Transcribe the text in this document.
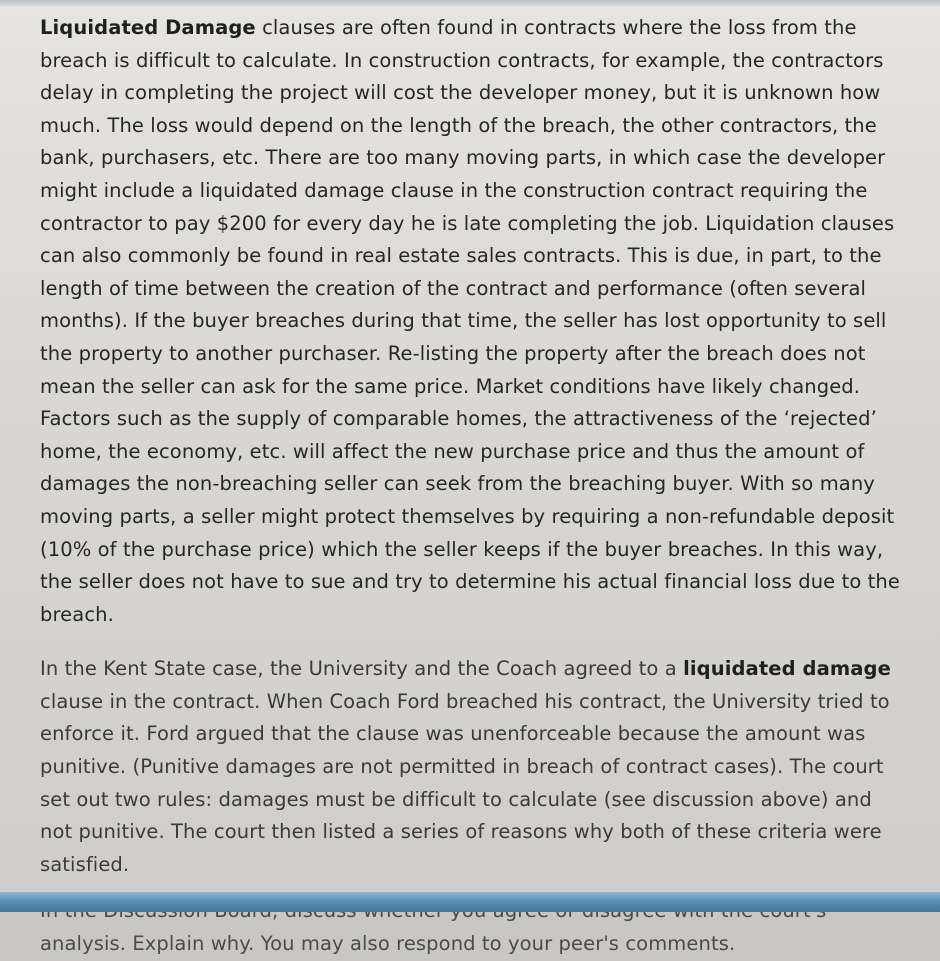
Liquidated Damage clauses are often found in contracts where the loss from the breach is difficult to calculate. In construction contracts, for example, the contractors delay in completing the project will cost the developer money, but it is unknown how much. The loss would depend on the length of the breach, the other contractors, the bank, purchasers, etc. There are too many moving parts, in which case the developer might include a liquidated damage clause in the construction contract requiring the contractor to pay $200 for every day he is late completing the job. Liquidation clauses can also commonly be found in real estate sales contracts. This is due, in part, to the length of time between the creation of the contract and performance (often several months). If the buyer breaches during that time, the seller has lost opportunity to sell the property to another purchaser. Re-listing the property after the breach does not mean the seller can ask for the same price. Market conditions have likely changed. Factors such as the supply of comparable homes, the attractiveness of the ‘rejected’ home, the economy, etc. will affect the new purchase price and thus the amount of damages the non-breaching seller can seek from the breaching buyer. With so many moving parts, a seller might protect themselves by requiring a non-refundable deposit (10% of the purchase price) which the seller keeps if the buyer breaches. In this way, the seller does not have to sue and try to determine his actual financial loss due to the breach.

In the Kent State case, the University and the Coach agreed to a liquidated damage clause in the contract. When Coach Ford breached his contract, the University tried to enforce it. Ford argued that the clause was unenforceable because the amount was punitive. (Punitive damages are not permitted in breach of contract cases). The court set out two rules: damages must be difficult to calculate (see discussion above) and not punitive. The court then listed a series of reasons why both of these criteria were satisfied.

analysis. Explain why. You may also respond to your peer's comments.
